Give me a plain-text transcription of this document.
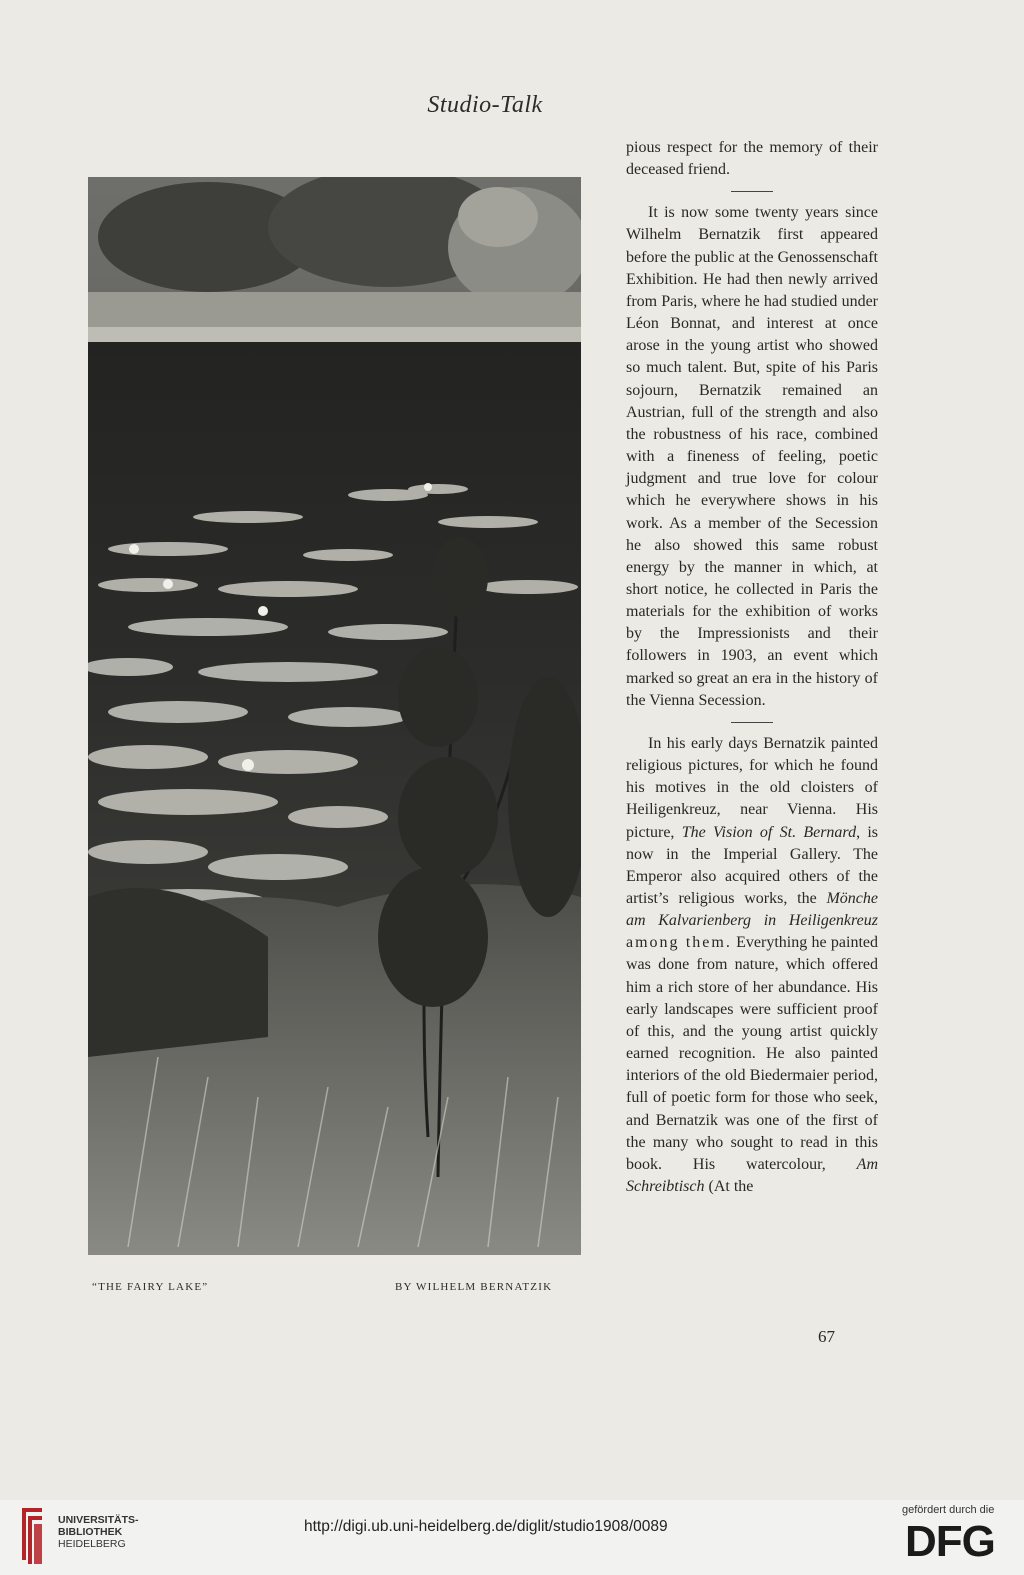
Studio-Talk
“THE FAIRY LAKE”	BY WILHELM BERNATZIK

pious respect for the memory of their deceased friend.

It is now some twenty years since Wilhelm Bernatzik first appeared before the public at the Genossenschaft Exhibition. He had then newly arrived from Paris, where he had studied under Léon Bonnat, and interest at once arose in the young artist who showed so much talent. But, spite of his Paris sojourn, Bernatzik remained an Austrian, full of the strength and also the robustness of his race, combined with a fineness of feeling, poetic judgment and true love for colour which he everywhere shows in his work. As a member of the Secession he also showed this same robust energy by the manner in which, at short notice, he collected in Paris the materials for the exhibition of works by the Impressionists and their followers in 1903, an event which marked so great an era in the history of the Vienna Secession.

In his early days Bernatzik painted religious pictures, for which he found his motives in the old cloisters of Heiligenkreuz, near Vienna. His picture, The Vision of St. Bernard, is now in the Imperial Gallery. The Emperor also acquired others of the artist’s religious works, the Mönche am Kalvarienberg in Heiligenkreuz among them. Everything he painted was done from nature, which offered him a rich store of her abundance. His early landscapes were sufficient proof of this, and the young artist quickly earned recognition. He also painted interiors of the old Biedermaier period, full of poetic form for those who seek, and Bernatzik was one of the first of the many who sought to read in this book. His watercolour, Am Schreibtisch (At the

67
UNIVERSITÄTS-
BIBLIOTHEK
HEIDELBERG
http://digi.ub.uni-heidelberg.de/diglit/studio1908/0089
gefördert durch die
DFG
